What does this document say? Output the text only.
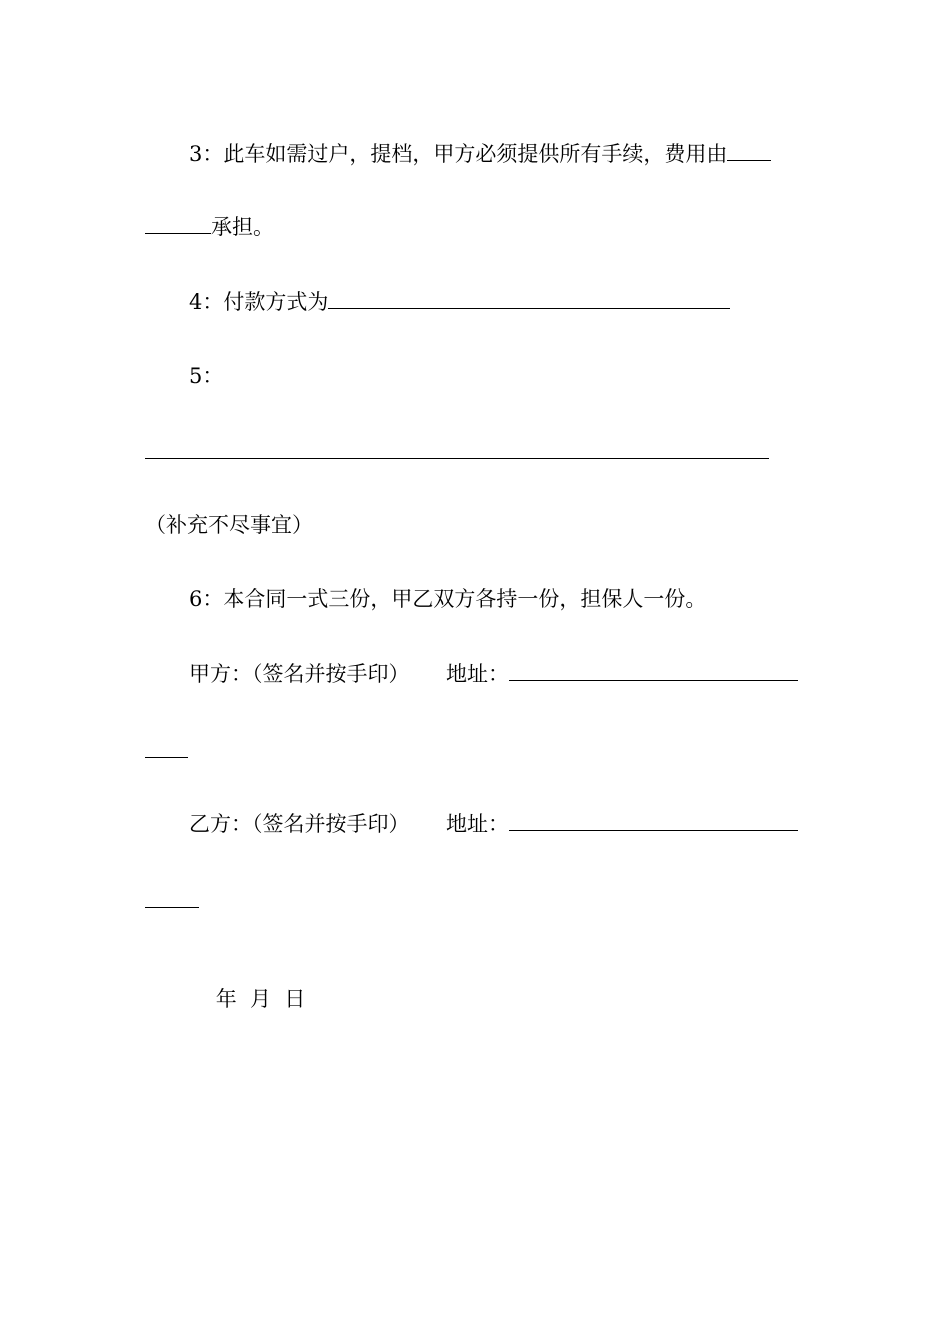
3：此车如需过户，提档，甲方必须提供所有手续，费用由
承担。
4：付款方式为
5：
（补充不尽事宜）
6：本合同一式三份，甲乙双方各持一份，担保人一份。
甲方：（签名并按手印） 地址：
乙方：（签名并按手印） 地址：

年  月  日
